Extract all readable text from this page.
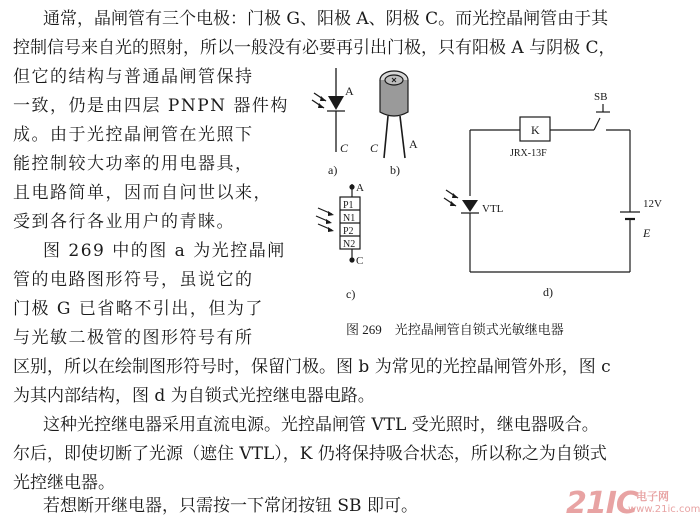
通常，晶闸管有三个电极：门极 G、阳极 A、阴极 C。而光控晶闸管由于其
控制信号来自光的照射，所以一般没有必要再引出门极，只有阳极 A 与阴极 C，
但它的结构与普通晶闸管保持
一致，仍是由四层 PNPN 器件构
成。由于光控晶闸管在光照下
能控制较大功率的用电器具，
且电路简单，因而自问世以来，
受到各行各业用户的青睐。
图 269 中的图 a 为光控晶闸
管的电路图形符号，虽说它的
门极 G 已省略不引出，但为了
与光敏二极管的图形符号有所
区别，所以在绘制图形符号时，保留门极。图 b 为常见的光控晶闸管外形，图 c
为其内部结构，图 d 为自锁式光控继电器电路。
这种光控继电器采用直流电源。光控晶闸管 VTL 受光照时，继电器吸合。
尔后，即使切断了光源（遮住 VTL），K 仍将保持吸合状态，所以称之为自锁式
光控继电器。
若想断开继电器，只需按一下常闭按钮 SB 即可。
A
C
a)
C	A
b)
A
P1
N1
P2
N2
C
c)
K
JRX-13F
SB
VTL	12V
E
d)
图 269　光控晶闸管自锁式光敏继电器
21IC 电子网
www.21ic.com
